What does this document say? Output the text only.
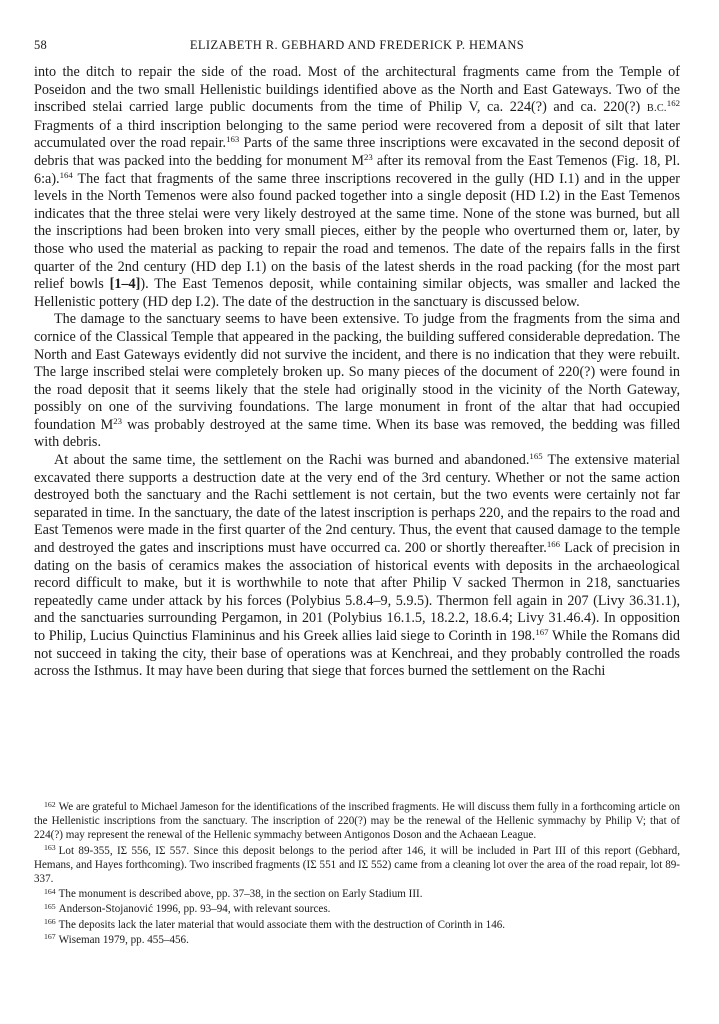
58	ELIZABETH R. GEBHARD AND FREDERICK P. HEMANS

into the ditch to repair the side of the road. Most of the architectural fragments came from the Temple of Poseidon and the two small Hellenistic buildings identified above as the North and East Gateways. Two of the inscribed stelai carried large public documents from the time of Philip V, ca. 224(?) and ca. 220(?) B.C.$^{162}$ Fragments of a third inscription belonging to the same period were recovered from a deposit of silt that later accumulated over the road repair.$^{163}$ Parts of the same three inscriptions were excavated in the second deposit of debris that was packed into the bedding for monument $M^{23}$ after its removal from the East Temenos (Fig. 18, Pl. 6:a).$^{164}$ The fact that fragments of the same three inscriptions recovered in the gully (HD I.1) and in the upper levels in the North Temenos were also found packed together into a single deposit (HD I.2) in the East Temenos indicates that the three stelai were very likely destroyed at the same time. None of the stone was burned, but all the inscriptions had been broken into very small pieces, either by the people who overturned them or, later, by those who used the material as packing to repair the road and temenos. The date of the repairs falls in the first quarter of the 2nd century (HD dep I.1) on the basis of the latest sherds in the road packing (for the most part relief bowls [1–4]). The East Temenos deposit, while containing similar objects, was smaller and lacked the Hellenistic pottery (HD dep I.2). The date of the destruction in the sanctuary is discussed below.

The damage to the sanctuary seems to have been extensive. To judge from the fragments from the sima and cornice of the Classical Temple that appeared in the packing, the building suffered considerable depredation. The North and East Gateways evidently did not survive the incident, and there is no indication that they were rebuilt. The large inscribed stelai were completely broken up. So many pieces of the document of 220(?) were found in the road deposit that it seems likely that the stele had originally stood in the vicinity of the North Gateway, possibly on one of the surviving foundations. The large monument in front of the altar that had occupied foundation $M^{23}$ was probably destroyed at the same time. When its base was removed, the bedding was filled with debris.

At about the same time, the settlement on the Rachi was burned and abandoned.$^{165}$ The extensive material excavated there supports a destruction date at the very end of the 3rd century. Whether or not the same action destroyed both the sanctuary and the Rachi settlement is not certain, but the two events were certainly not far separated in time. In the sanctuary, the date of the latest inscription is perhaps 220, and the repairs to the road and East Temenos were made in the first quarter of the 2nd century. Thus, the event that caused damage to the temple and destroyed the gates and inscriptions must have occurred ca. 200 or shortly thereafter.$^{166}$ Lack of precision in dating on the basis of ceramics makes the association of historical events with deposits in the archaeological record difficult to make, but it is worthwhile to note that after Philip V sacked Thermon in 218, sanctuaries repeatedly came under attack by his forces (Polybius 5.8.4–9, 5.9.5). Thermon fell again in 207 (Livy 36.31.1), and the sanctuaries surrounding Pergamon, in 201 (Polybius 16.1.5, 18.2.2, 18.6.4; Livy 31.46.4). In opposition to Philip, Lucius Quinctius Flamininus and his Greek allies laid siege to Corinth in 198.$^{167}$ While the Romans did not succeed in taking the city, their base of operations was at Kenchreai, and they probably controlled the roads across the Isthmus. It may have been during that siege that forces burned the settlement on the Rachi

$^{162}$ We are grateful to Michael Jameson for the identifications of the inscribed fragments. He will discuss them fully in a forthcoming article on the Hellenistic inscriptions from the sanctuary. The inscription of 220(?) may be the renewal of the Hellenic symmachy by Philip V; that of 224(?) may represent the renewal of the Hellenic symmachy between Antigonos Doson and the Achaean League.

$^{163}$ Lot 89-355, IΣ 556, IΣ 557. Since this deposit belongs to the period after 146, it will be included in Part III of this report (Gebhard, Hemans, and Hayes forthcoming). Two inscribed fragments (IΣ 551 and IΣ 552) came from a cleaning lot over the area of the road repair, lot 89-337.

$^{164}$ The monument is described above, pp. 37–38, in the section on Early Stadium III.

$^{165}$ Anderson-Stojanović 1996, pp. 93–94, with relevant sources.

$^{166}$ The deposits lack the later material that would associate them with the destruction of Corinth in 146.

$^{167}$ Wiseman 1979, pp. 455–456.
